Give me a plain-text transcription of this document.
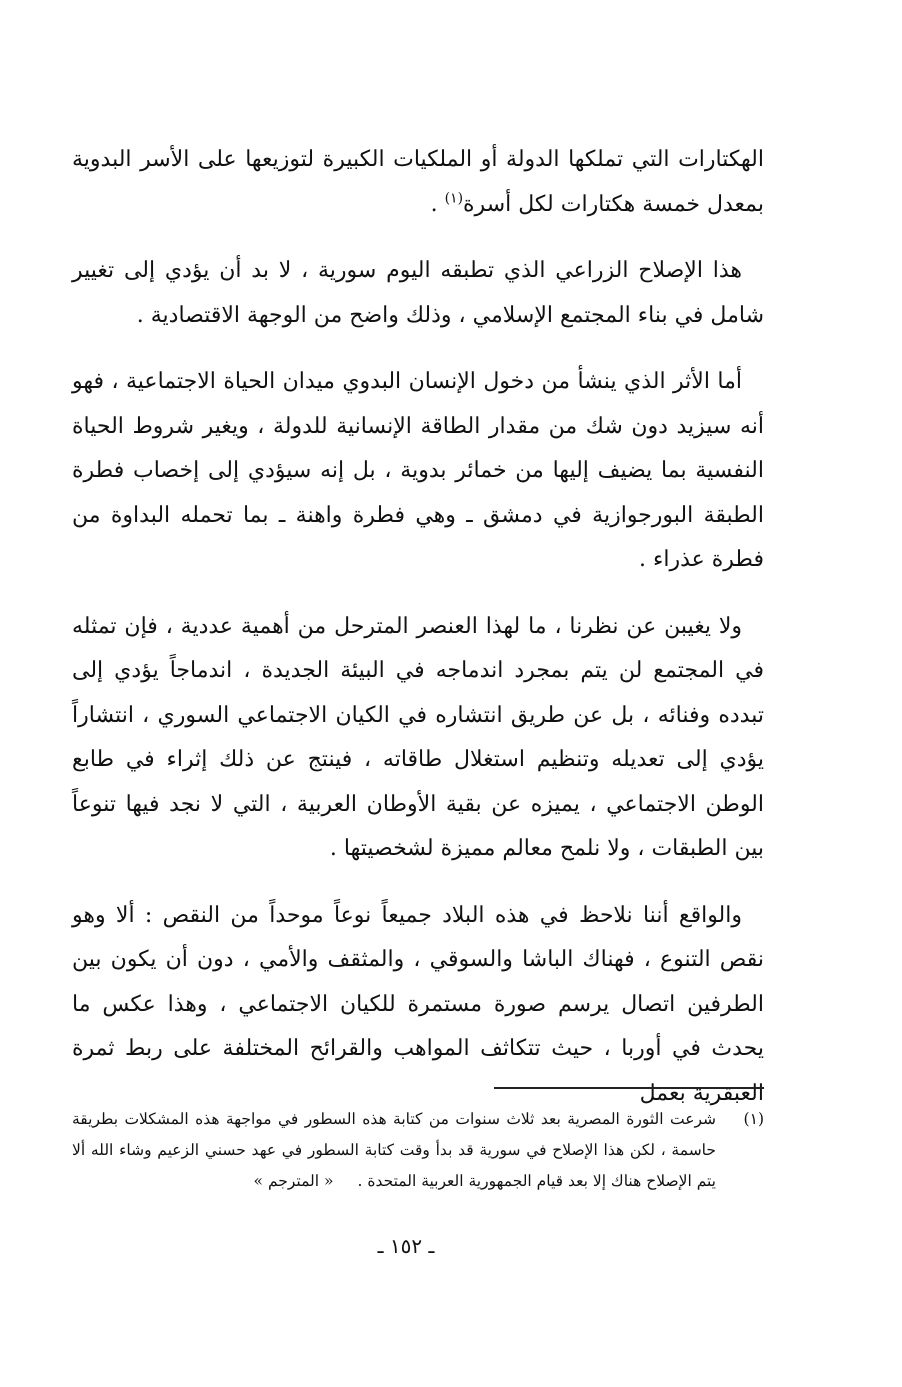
الهكتارات التي تملكها الدولة أو الملكيات الكبيرة لتوزيعها على الأسر البدوية بمعدل خمسة هكتارات لكل أسرة$^{(١)}$ .

هذا الإصلاح الزراعي الذي تطبقه اليوم سورية ، لا بد أن يؤدي إلى تغيير شامل في بناء المجتمع الإسلامي ، وذلك واضح من الوجهة الاقتصادية .

أما الأثر الذي ينشأ من دخول الإنسان البدوي ميدان الحياة الاجتماعية ، فهو أنه سيزيد دون شك من مقدار الطاقة الإنسانية للدولة ، ويغير شروط الحياة النفسية بما يضيف إليها من خمائر بدوية ، بل إنه سيؤدي إلى إخصاب فطرة الطبقة البورجوازية في دمشق ـ وهي فطرة واهنة ـ بما تحمله البداوة من فطرة عذراء .

ولا يغيبن عن نظرنا ، ما لهذا العنصر المترحل من أهمية عددية ، فإن تمثله في المجتمع لن يتم بمجرد اندماجه في البيئة الجديدة ، اندماجاً يؤدي إلى تبدده وفنائه ، بل عن طريق انتشاره في الكيان الاجتماعي السوري ، انتشاراً يؤدي إلى تعديله وتنظيم استغلال طاقاته ، فينتج عن ذلك إثراء في طابع الوطن الاجتماعي ، يميزه عن بقية الأوطان العربية ، التي لا نجد فيها تنوعاً بين الطبقات ، ولا نلمح معالم مميزة لشخصيتها .

والواقع أننا نلاحظ في هذه البلاد جميعاً نوعاً موحداً من النقص : ألا وهو نقص التنوع ، فهناك الباشا والسوقي ، والمثقف والأمي ، دون أن يكون بين الطرفين اتصال يرسم صورة مستمرة للكيان الاجتماعي ، وهذا عكس ما يحدث في أوربا ، حيث تتكاثف المواهب والقرائح المختلفة على ربط ثمرة العبقرية بعمل

(١)
شرعت الثورة المصرية بعد ثلاث سنوات من كتابة هذه السطور في مواجهة هذه المشكلات بطريقة حاسمة ، لكن هذا الإصلاح في سورية قد بدأ وقت كتابة السطور في عهد حسني الزعيم وشاء الله ألا يتم الإصلاح هناك إلا بعد قيام الجمهورية العربية المتحدة .« المترجم »
ـ ١٥٢ ـ
